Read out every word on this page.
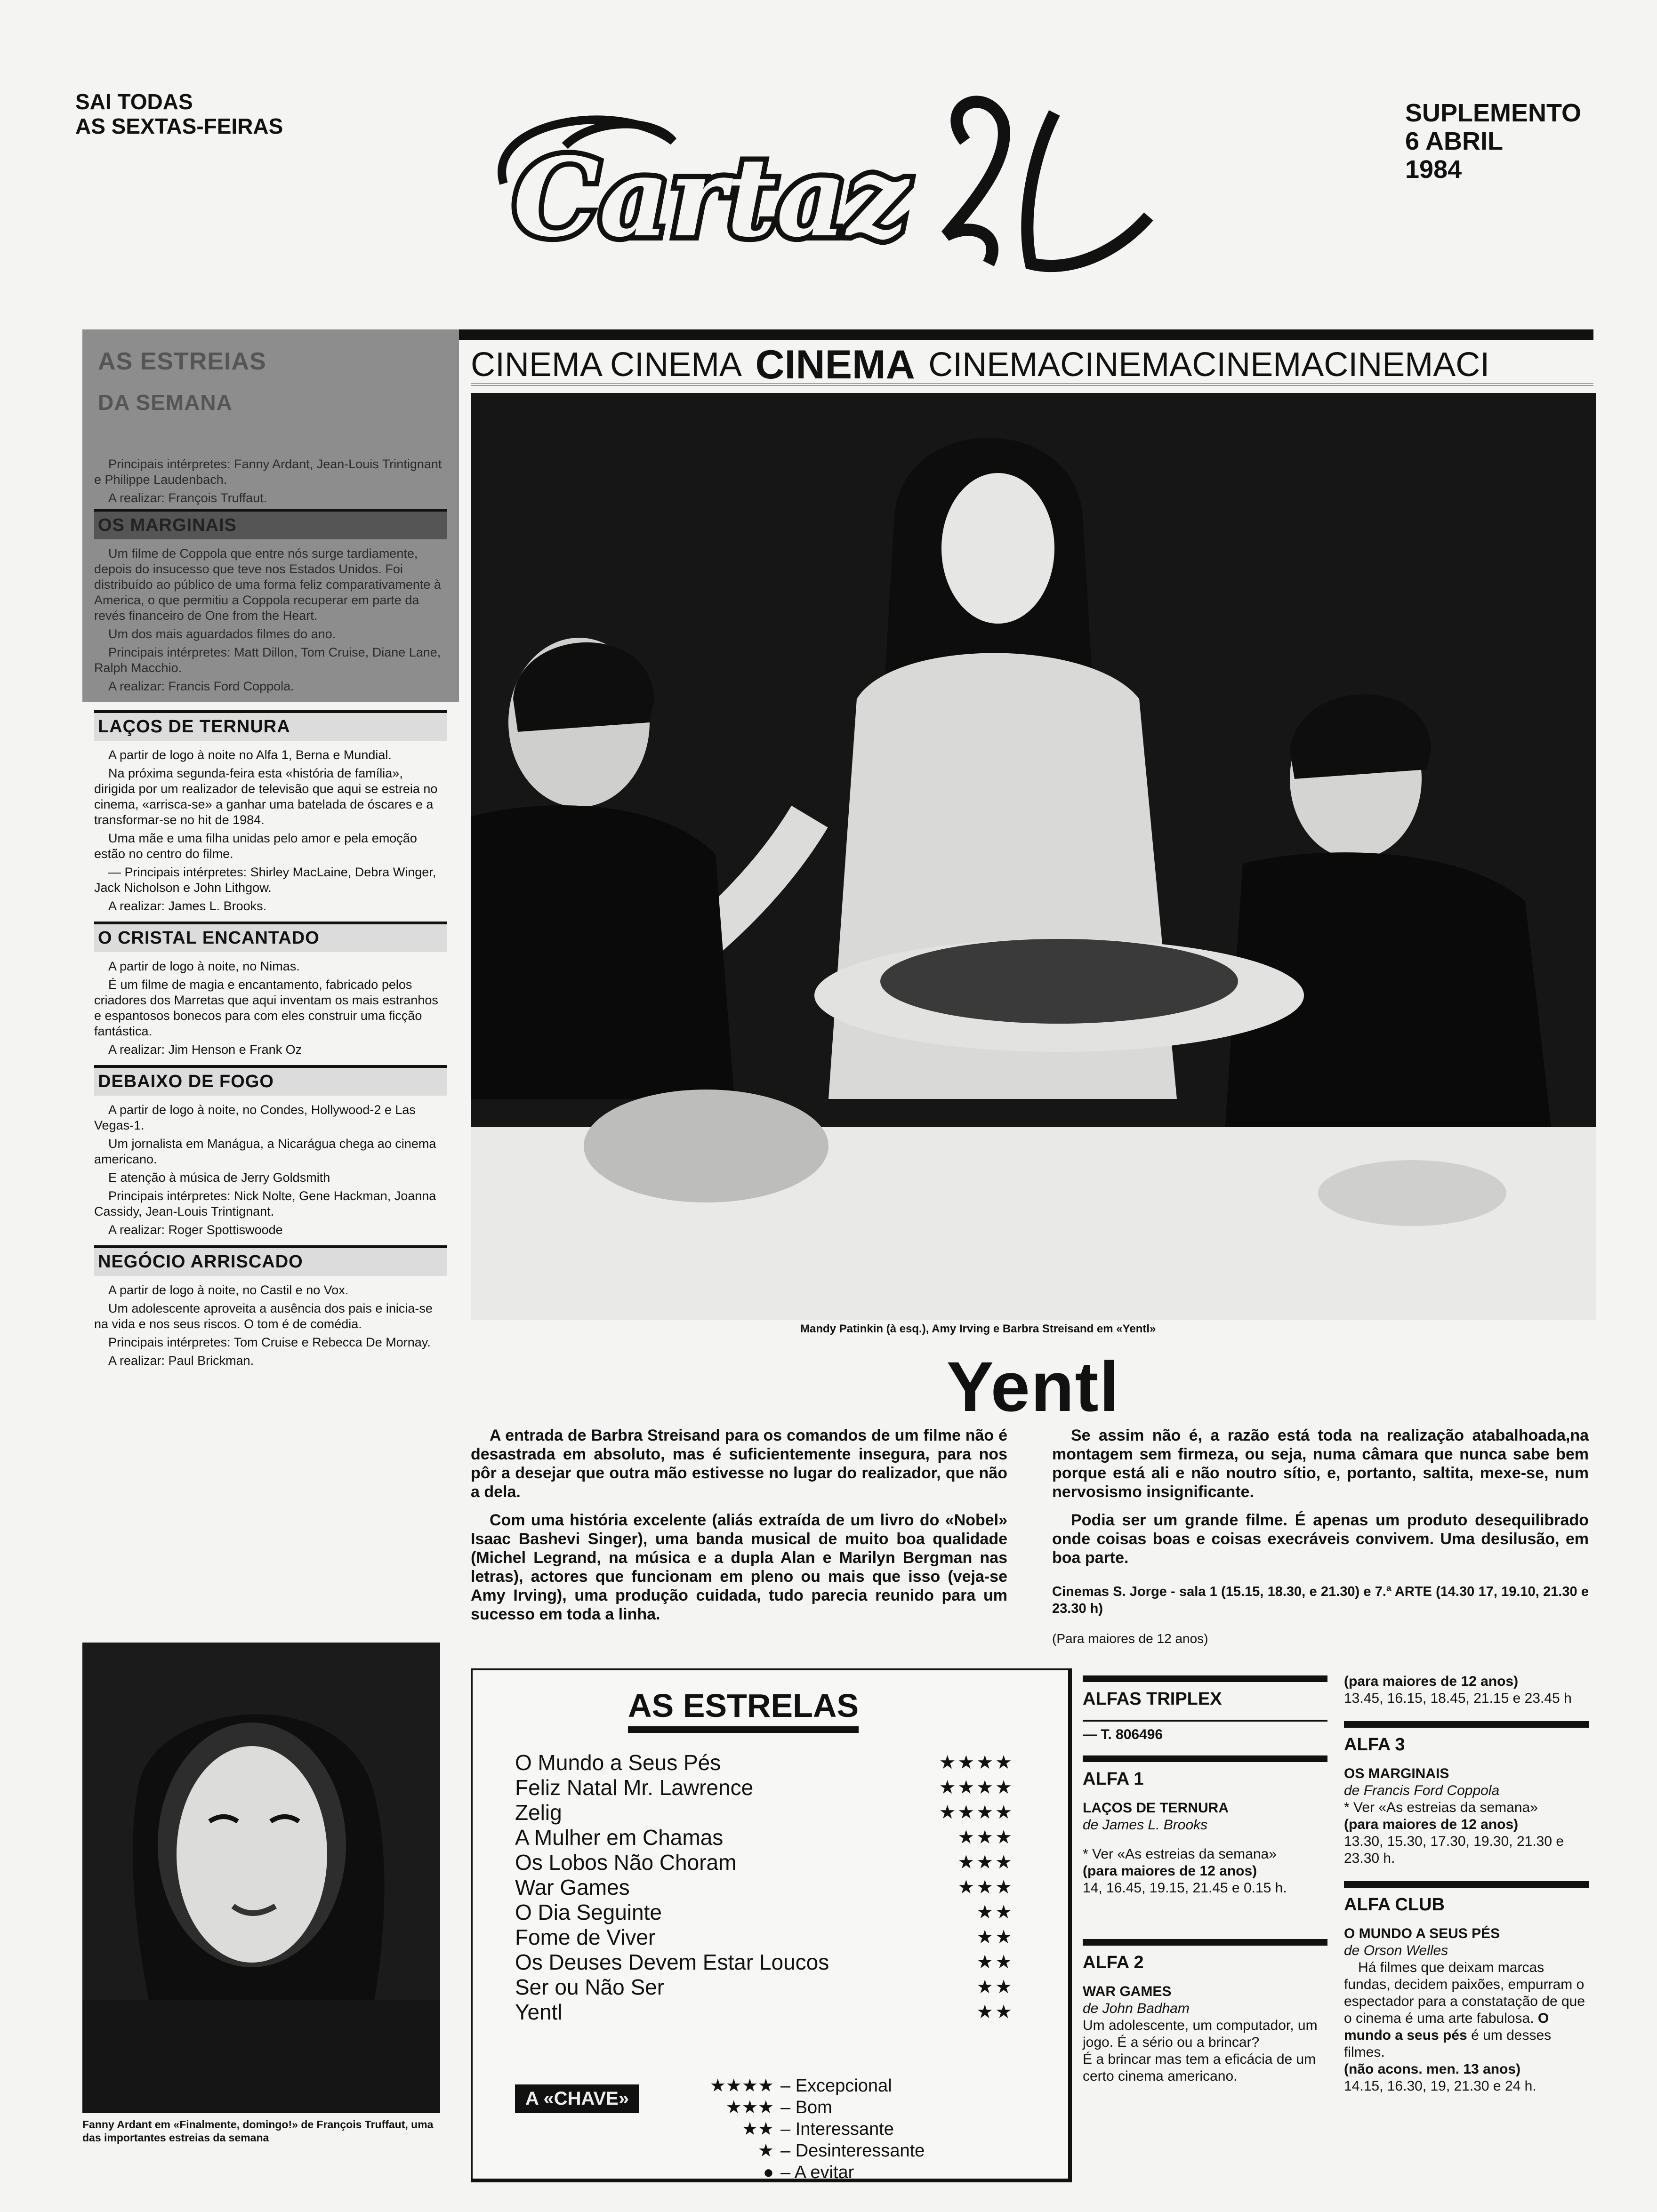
SAI TODAS
AS SEXTAS-FEIRAS
Cartaz
SUPLEMENTO
6 ABRIL
1984
AS ESTREIAS
DA SEMANA

Principais intérpretes: Fanny Ardant, Jean-Louis Trintignant e Philippe Laudenbach.

A realizar: François Truffaut.

OS MARGINAIS

Um filme de Coppola que entre nós surge tardiamente, depois do insucesso que teve nos Estados Unidos. Foi distribuído ao público de uma forma feliz comparativamente à America, o que permitiu a Coppola recuperar em parte da revés financeiro de One from the Heart.

Um dos mais aguardados filmes do ano.

Principais intérpretes: Matt Dillon, Tom Cruise, Diane Lane, Ralph Macchio.

A realizar: Francis Ford Coppola.

LAÇOS DE TERNURA

A partir de logo à noite no Alfa 1, Berna e Mundial.

Na próxima segunda-feira esta «história de família», dirigida por um realizador de televisão que aqui se estreia no cinema, «arrisca-se» a ganhar uma batelada de óscares e a transformar-se no hit de 1984.

Uma mãe e uma filha unidas pelo amor e pela emoção estão no centro do filme.

— Principais intérpretes: Shirley MacLaine, Debra Winger, Jack Nicholson e John Lithgow.

A realizar: James L. Brooks.

O CRISTAL ENCANTADO

A partir de logo à noite, no Nimas.

É um filme de magia e encantamento, fabricado pelos criadores dos Marretas que aqui inventam os mais estranhos e espantosos bonecos para com eles construir uma ficção fantástica.

A realizar: Jim Henson e Frank Oz

DEBAIXO DE FOGO

A partir de logo à noite, no Condes, Hollywood-2 e Las Vegas-1.

Um jornalista em Manágua, a Nicarágua chega ao cinema americano.

E atenção à música de Jerry Goldsmith

Principais intérpretes: Nick Nolte, Gene Hackman, Joanna Cassidy, Jean-Louis Trintignant.

A realizar: Roger Spottiswoode

NEGÓCIO ARRISCADO

A partir de logo à noite, no Castil e no Vox.

Um adolescente aproveita a ausência dos pais e inicia-se na vida e nos seus riscos. O tom é de comédia.

Principais intérpretes: Tom Cruise e Rebecca De Mornay.

A realizar: Paul Brickman.

Fanny Ardant em «Finalmente, domingo!» de François Truffaut, uma das importantes estreias da semana
CINEMA CINEMA CINEMA CINEMACINEMACINEMACINEMACI
Mandy Patinkin (à esq.), Amy Irving e Barbra Streisand em «Yentl»
Yentl

A entrada de Barbra Streisand para os comandos de um filme não é desastrada em absoluto, mas é suficientemente insegura, para nos pôr a desejar que outra mão estivesse no lugar do realizador, que não a dela.

Com uma história excelente (aliás extraída de um livro do «Nobel» Isaac Bashevi Singer), uma banda musical de muito boa qualidade (Michel Legrand, na música e a dupla Alan e Marilyn Bergman nas letras), actores que funcionam em pleno ou mais que isso (veja-se Amy Irving), uma produção cuidada, tudo parecia reunido para um sucesso em toda a linha.

Se assim não é, a razão está toda na realização atabalhoada,na montagem sem firmeza, ou seja, numa câmara que nunca sabe bem porque está ali e não noutro sítio, e, portanto, saltita, mexe-se, num nervosismo insignificante.

Podia ser um grande filme. É apenas um produto desequilibrado onde coisas boas e coisas execráveis convivem. Uma desilusão, em boa parte.

Cinemas S. Jorge - sala 1 (15.15, 18.30, e 21.30) e 7.ª ARTE (14.30 17, 19.10, 21.30 e 23.30 h)
(Para maiores de 12 anos)
AS ESTRELAS
O Mundo a Seus Pés	★★★★
Feliz Natal Mr. Lawrence	★★★★
Zelig	★★★★
A Mulher em Chamas	★★★
Os Lobos Não Choram	★★★
War Games	★★★
O Dia Seguinte	★★
Fome de Viver	★★
Os Deuses Devem Estar Loucos	★★
Ser ou Não Ser	★★
Yentl	★★
A «CHAVE»
★★★★ – Excepcional
★★★ – Bom
★★ – Interessante
★ – Desinteressante
● – A evitar
ALFAS TRIPLEX
— T. 806496
ALFA 1

LAÇOS DE TERNURA

de James L. Brooks

* Ver «As estreias da semana»

(para maiores de 12 anos)

14, 16.45, 19.15, 21.45 e 0.15 h.

ALFA 2

WAR GAMES

de John Badham

Um adolescente, um computador, um jogo. É a sério ou a brincar?

É a brincar mas tem a eficácia de um certo cinema americano.

(para maiores de 12 anos)

13.45, 16.15, 18.45, 21.15 e 23.45 h

ALFA 3

OS MARGINAIS

de Francis Ford Coppola

* Ver «As estreias da semana»

(para maiores de 12 anos)

13.30, 15.30, 17.30, 19.30, 21.30 e 23.30 h.

ALFA CLUB

O MUNDO A SEUS PÉS

de Orson Welles

Há filmes que deixam marcas fundas, decidem paixões, empurram o espectador para a constatação de que o cinema é uma arte fabulosa. O mundo a seus pés é um desses filmes.

(não acons. men. 13 anos)

14.15, 16.30, 19, 21.30 e 24 h.
